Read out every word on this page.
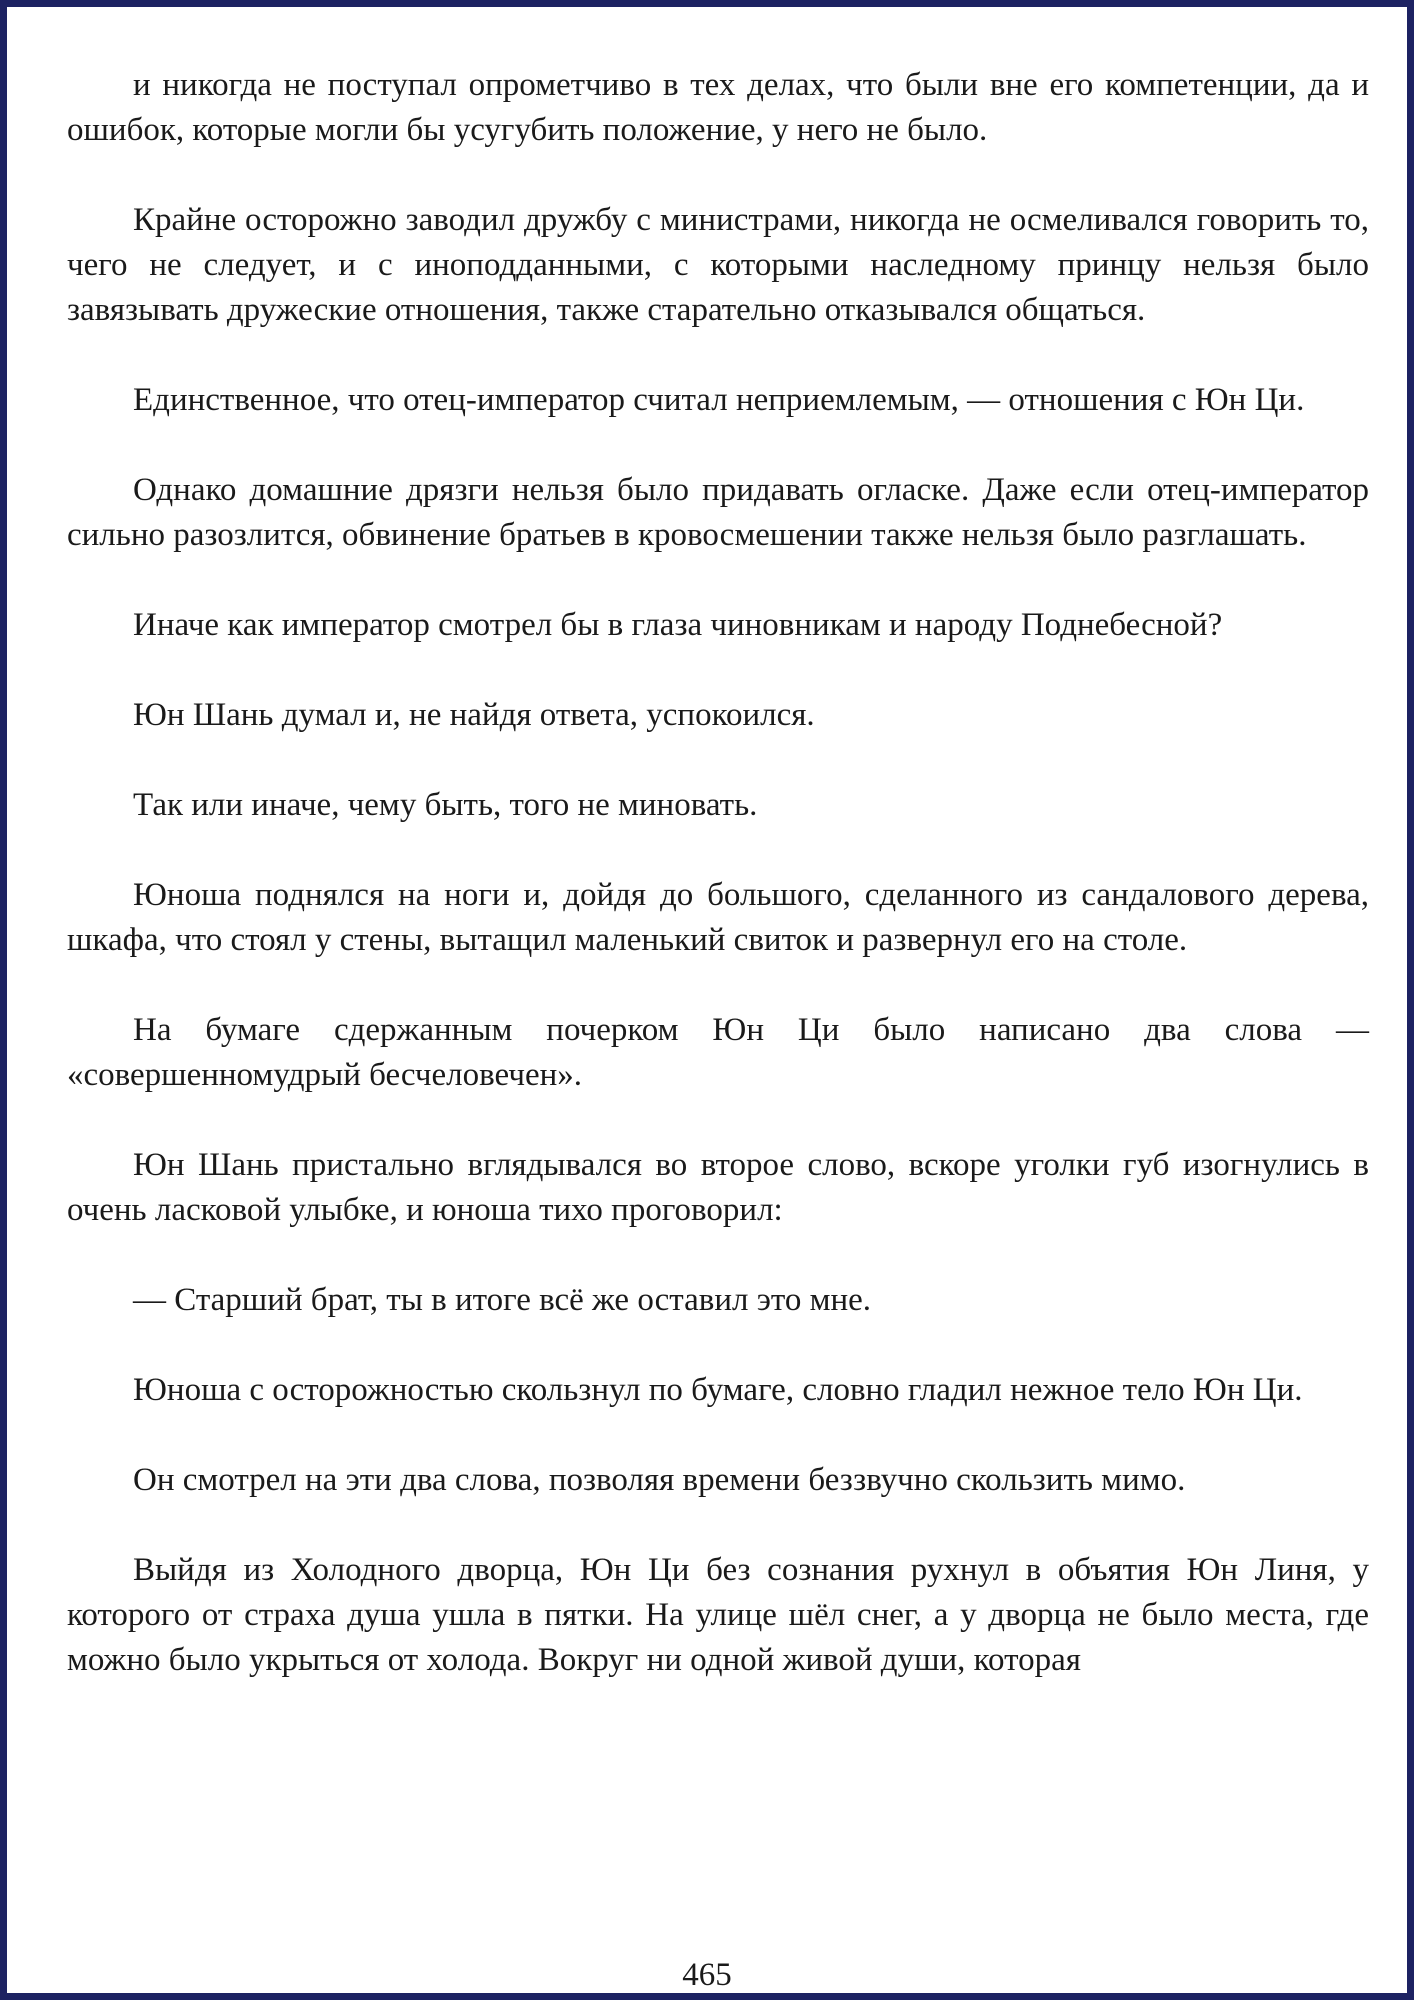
и никогда не поступал опрометчиво в тех делах, что были вне его компетенции, да и ошибок, которые могли бы усугубить положение, у него не было.

Крайне осторожно заводил дружбу с министрами, никогда не осмеливался говорить то, чего не следует, и с иноподданными, с которыми наследному принцу нельзя было завязывать дружеские отношения, также старательно отказывался общаться.

Единственное, что отец-император считал неприемлемым, — отношения с Юн Ци.

Однако домашние дрязги нельзя было придавать огласке. Даже если отец-император сильно разозлится, обвинение братьев в кровосмешении также нельзя было разглашать.

Иначе как император смотрел бы в глаза чиновникам и народу Поднебесной?

Юн Шань думал и, не найдя ответа, успокоился.

Так или иначе, чему быть, того не миновать.

Юноша поднялся на ноги и, дойдя до большого, сделанного из сандалового дерева, шкафа, что стоял у стены, вытащил маленький свиток и развернул его на столе.

На бумаге сдержанным почерком Юн Ци было написано два слова — «совершенномудрый бесчеловечен».

Юн Шань пристально вглядывался во второе слово, вскоре уголки губ изогнулись в очень ласковой улыбке, и юноша тихо проговорил:

— Старший брат, ты в итоге всё же оставил это мне.

Юноша с осторожностью скользнул по бумаге, словно гладил нежное тело Юн Ци.

Он смотрел на эти два слова, позволяя времени беззвучно скользить мимо.

Выйдя из Холодного дворца, Юн Ци без сознания рухнул в объятия Юн Линя, у которого от страха душа ушла в пятки. На улице шёл снег, а у дворца не было места, где можно было укрыться от холода. Вокруг ни одной живой души, которая

465
